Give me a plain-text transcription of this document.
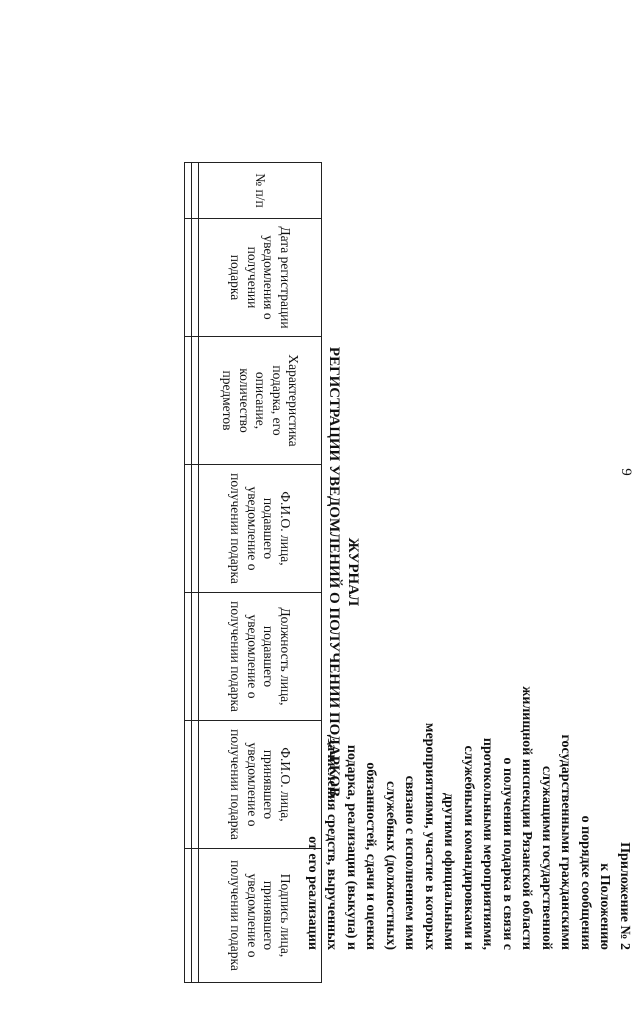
9
Приложение № 2
к Положению
о порядке сообщения
государственными гражданскими
служащими государственной
жилищной инспекции Рязанской области
о получении подарка в связи с
протокольными мероприятиями,
служебными командировками и
другими официальными
мероприятиями, участие в которых
связано с исполнением ими
служебных (должностных)
обязанностей, сдачи и оценки
подарка, реализации (выкупа) и
зачисления средств, вырученных
от его реализации
ЖУРНАЛ
РЕГИСТРАЦИИ УВЕДОМЛЕНИЙ О ПОЛУЧЕНИИ ПОДАРКОВ
№ п/п	Дата регистрации уведомления о получении подарка	Характеристика подарка, его описание, количество предметов	Ф.И.О. лица, подавшего уведомление о получении подарка	Должность лица, подавшего уведомление о получении подарка	Ф.И.О. лица, принявшего уведомление о получении подарка	Подпись лица, принявшего уведомление о получении подарка
